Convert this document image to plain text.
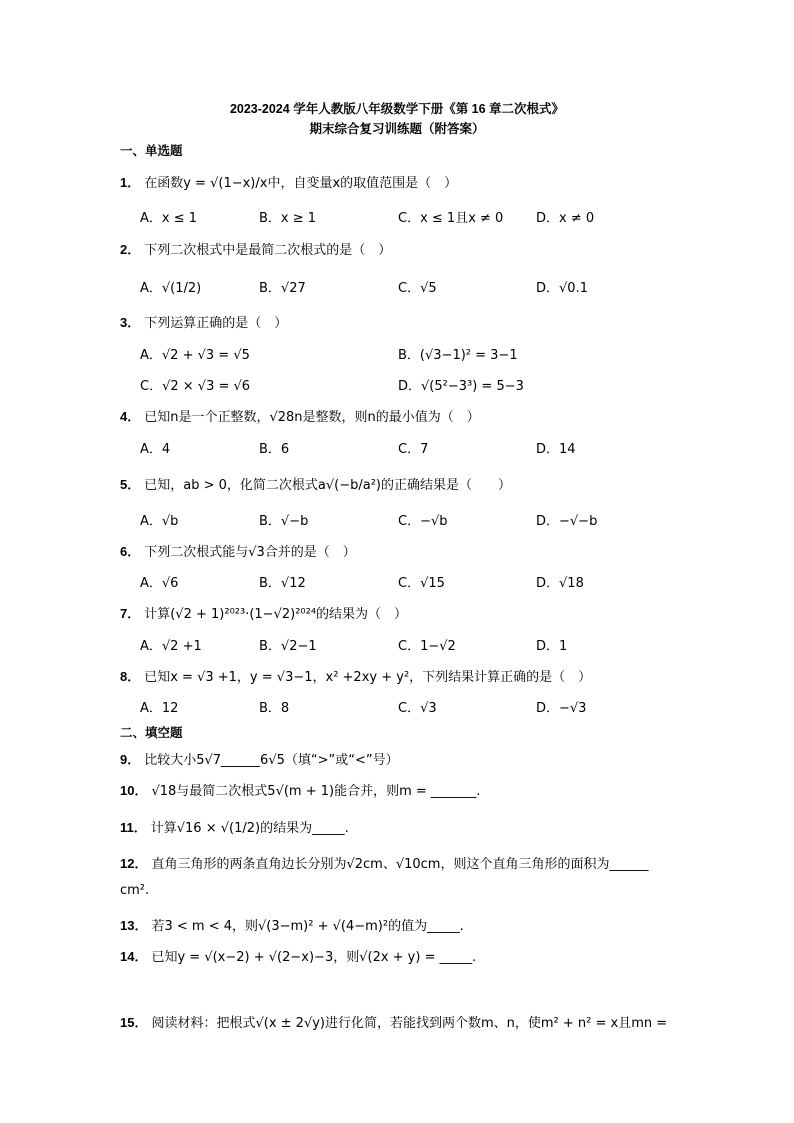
2023-2024 学年人教版八年级数学下册《第 16 章二次根式》
期末综合复习训练题（附答案）
一、单选题
1． 在函数y = √(1−x)/x中，自变量x的取值范围是（　）
A．x ≤ 1	B．x ≥ 1	C．x ≤ 1且x ≠ 0	D．x ≠ 0
2． 下列二次根式中是最简二次根式的是（　）
A．√(1/2)	B．√27	C．√5	D．√0.1
3． 下列运算正确的是（　）
A．√2 + √3 = √5	B．(√3−1)² = 3−1
C．√2 × √3 = √6	D．√(5²−3³) = 5−3
4． 已知n是一个正整数，√28n是整数，则n的最小值为（　）
A．4	B．6	C．7	D．14
5． 已知，ab > 0，化简二次根式a√(−b/a²)的正确结果是（　　）
A．√b	B．√−b	C．−√b	D．−√−b
6． 下列二次根式能与√3合并的是（　）
A．√6	B．√12	C．√15	D．√18
7． 计算(√2 + 1)²⁰²³·(1−√2)²⁰²⁴的结果为（　）
A．√2 +1	B．√2−1	C．1−√2	D．1
8． 已知x = √3 +1，y = √3−1，x² +2xy + y²，下列结果计算正确的是（　）
A．12	B．8	C．√3	D．−√3
二、填空题
9． 比较大小5√7______6√5（填“>”或“<”号）
10． √18与最简二次根式5√(m + 1)能合并，则m = _______.
11． 计算√16 × √(1/2)的结果为_____.
12． 直角三角形的两条直角边长分别为√2cm、√10cm，则这个直角三角形的面积为______
cm².
13． 若3 < m < 4，则√(3−m)² + √(4−m)²的值为_____.
14． 已知y = √(x−2) + √(2−x)−3，则√(2x + y) = _____.
15． 阅读材料：把根式√(x ± 2√y)进行化简，若能找到两个数m、n，使m² + n² = x且mn =
